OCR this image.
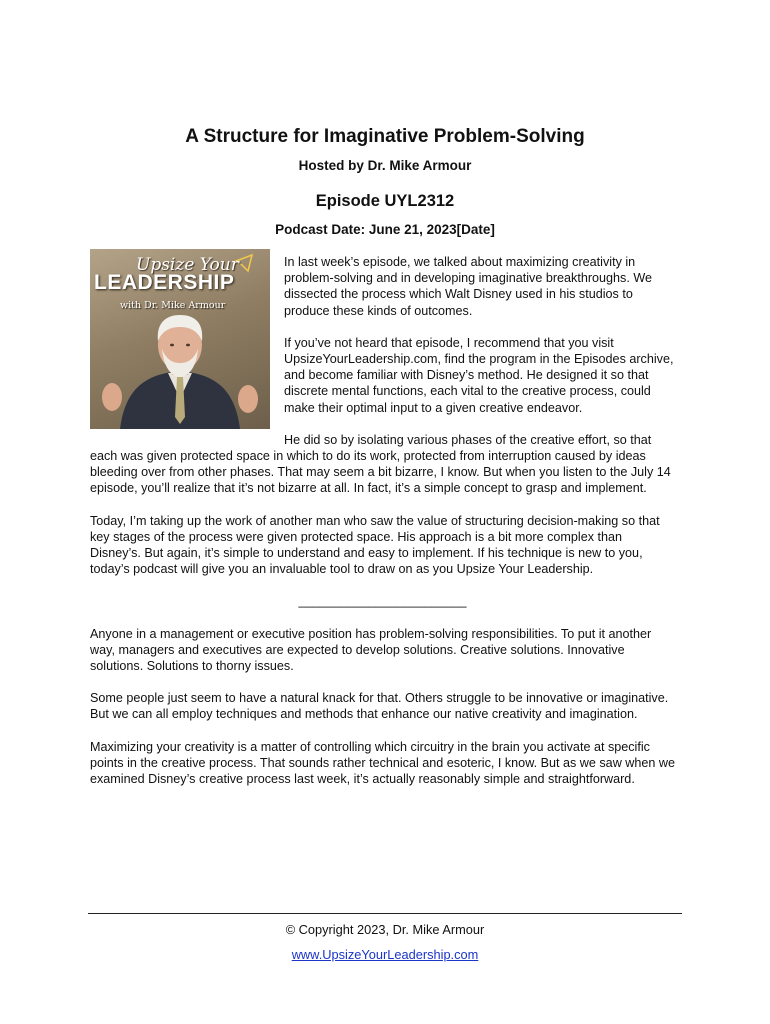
A Structure for Imaginative Problem-Solving
Hosted by Dr. Mike Armour
Episode UYL2312
Podcast Date: June 21, 2023[Date]
Upsize Your
LEADERSHIP
with Dr. Mike Armour

In last week’s episode, we talked about maximizing creativity in problem-solving and in developing imaginative breakthroughs. We dissected the process which Walt Disney used in his studios to produce these kinds of outcomes.

If you’ve not heard that episode, I recommend that you visit UpsizeYourLeadership.com, find the program in the Episodes archive, and become familiar with Disney’s method. He designed it so that discrete mental functions, each vital to the creative process, could make their optimal input to a given creative endeavor.

He did so by isolating various phases of the creative effort, so that each was given protected space in which to do its work, protected from interruption caused by ideas bleeding over from other phases. That may seem a bit bizarre, I know. But when you listen to the July 14 episode, you’ll realize that it’s not bizarre at all. In fact, it’s a simple concept to grasp and implement.

Today, I’m taking up the work of another man who saw the value of structuring decision-making so that key stages of the process were given protected space. His approach is a bit more complex than Disney’s. But again, it’s simple to understand and easy to implement. If his technique is new to you, today’s podcast will give you an invaluable tool to draw on as you Upsize Your Leadership.

________________________

Anyone in a management or executive position has problem-solving responsibilities. To put it another way, managers and executives are expected to develop solutions. Creative solutions. Innovative solutions. Solutions to thorny issues.

Some people just seem to have a natural knack for that. Others struggle to be innovative or imaginative. But we can all employ techniques and methods that enhance our native creativity and imagination.

Maximizing your creativity is a matter of controlling which circuitry in the brain you activate at specific points in the creative process. That sounds rather technical and esoteric, I know. But as we saw when we examined Disney’s creative process last week, it’s actually reasonably simple and straightforward.

© Copyright 2023, Dr. Mike Armour
www.UpsizeYourLeadership.com
